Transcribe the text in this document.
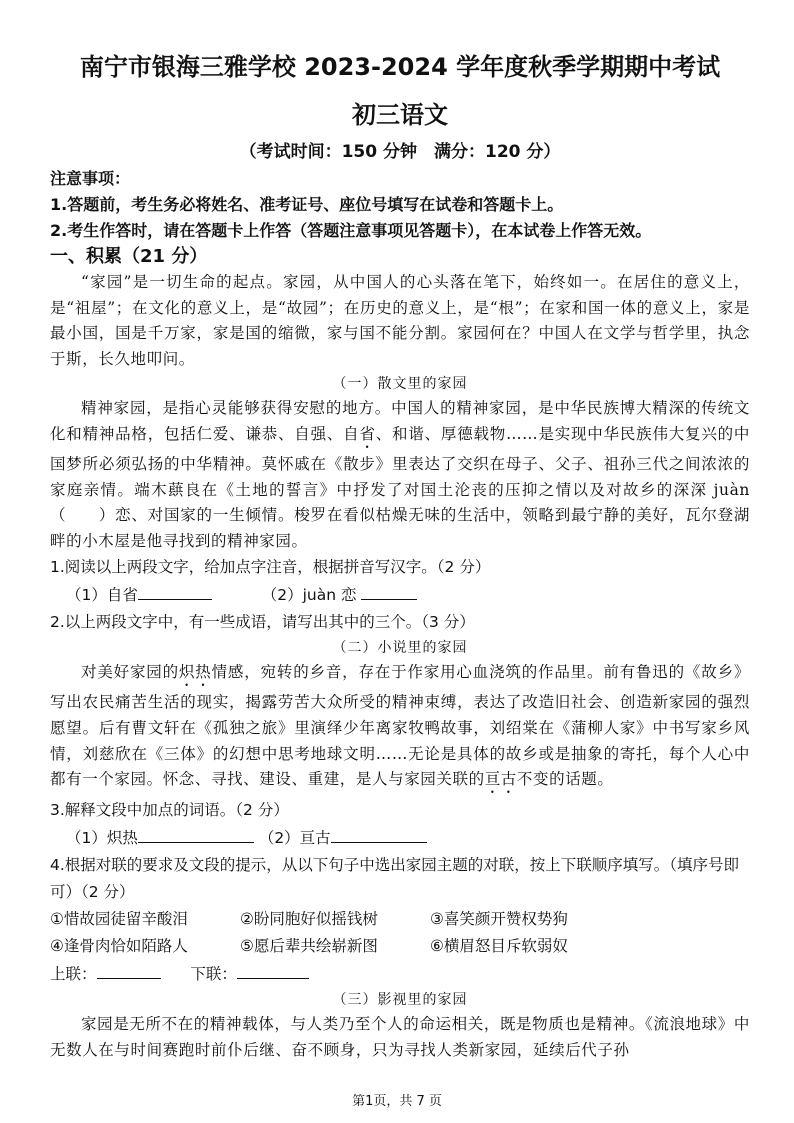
南宁市银海三雅学校 2023-2024 学年度秋季学期期中考试
初三语文
（考试时间：150 分钟　满分：120 分）

注意事项：

1.答题前，考生务必将姓名、准考证号、座位号填写在试卷和答题卡上。

2.考生作答时，请在答题卡上作答（答题注意事项见答题卡），在本试卷上作答无效。

一、积累（21 分）

“家园”是一切生命的起点。家园，从中国人的心头落在笔下，始终如一。在居住的意义上，是“祖屋”；在文化的意义上，是“故园”；在历史的意义上，是“根”；在家和国一体的意义上，家是最小国，国是千万家，家是国的缩微，家与国不能分割。家园何在？中国人在文学与哲学里，执念于斯，长久地叩问。

（一）散文里的家园

精神家园，是指心灵能够获得安慰的地方。中国人的精神家园，是中华民族博大精深的传统文化和精神品格，包括仁爱、谦恭、自强、自省、和谐、厚德载物……是实现中华民族伟大复兴的中国梦所必须弘扬的中华精神。莫怀戚在《散步》里表达了交织在母子、父子、祖孙三代之间浓浓的家庭亲情。端木蕻良在《土地的誓言》中抒发了对国土沦丧的压抑之情以及对故乡的深深 juàn（　　）恋、对国家的一生倾情。梭罗在看似枯燥无味的生活中，领略到最宁静的美好，瓦尔登湖畔的小木屋是他寻找到的精神家园。

1.阅读以上两段文字，给加点字注音，根据拼音写汉字。（2 分）

（1）自省	（2）juàn 恋

2.以上两段文字中，有一些成语，请写出其中的三个。（3 分）

（二）小说里的家园

对美好家园的炽热情感，宛转的乡音，存在于作家用心血浇筑的作品里。前有鲁迅的《故乡》写出农民痛苦生活的现实，揭露劳苦大众所受的精神束缚，表达了改造旧社会、创造新家园的强烈愿望。后有曹文轩在《孤独之旅》里演绎少年离家牧鸭故事，刘绍棠在《蒲柳人家》中书写家乡风情，刘慈欣在《三体》的幻想中思考地球文明……无论是具体的故乡或是抽象的寄托，每个人心中都有一个家园。怀念、寻找、建设、重建，是人与家园关联的亘古不变的话题。

3.解释文段中加点的词语。（2 分）

（1）炽热	（2）亘古

4.根据对联的要求及文段的提示，从以下句子中选出家园主题的对联，按上下联顺序填写。（填序号即可）（2 分）

①惜故园徒留辛酸泪	②盼同胞好似摇钱树	③喜笑颜开赞权势狗
④逢骨肉恰如陌路人	⑤愿后辈共绘崭新图	⑥横眉怒目斥软弱奴

上联：	下联：

（三）影视里的家园

家园是无所不在的精神载体，与人类乃至个人的命运相关，既是物质也是精神。《流浪地球》中无数人在与时间赛跑时前仆后继、奋不顾身，只为寻找人类新家园，延续后代子孙

第1页，共 7 页
